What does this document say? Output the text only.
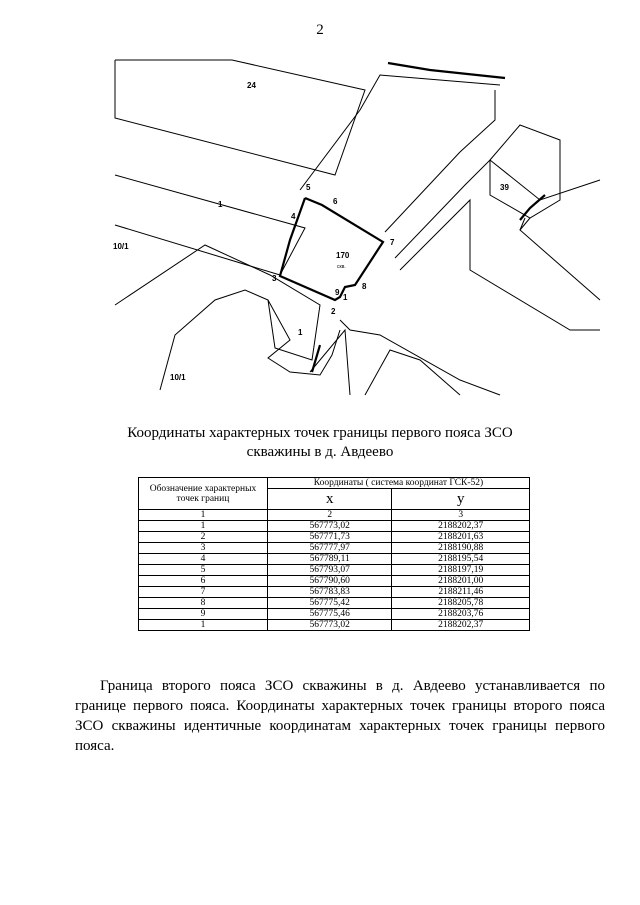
2
24
1
10/1
39
170
скв.
1
10/1
1
2
3
4
5
6
7
8
9
Координаты характерных точек границы первого пояса ЗСО
скважины в д. Авдеево
Обозначение характерных точек границ	Координаты ( система координат ГСК-52)	
	x	y
1	2	3
1	567773,02	2188202,37
2	567771,73	2188201,63
3	567777,97	2188190,88
4	567789,11	2188195,54
5	567793,07	2188197,19
6	567790,60	2188201,00
7	567783,83	2188211,46
8	567775,42	2188205,78
9	567775,46	2188203,76
1	567773,02	2188202,37
Граница второго пояса ЗСО скважины в д. Авдеево устанавливается по границе первого пояса. Координаты характерных точек границы второго пояса ЗСО скважины идентичные координатам характерных точек границы первого пояса.
